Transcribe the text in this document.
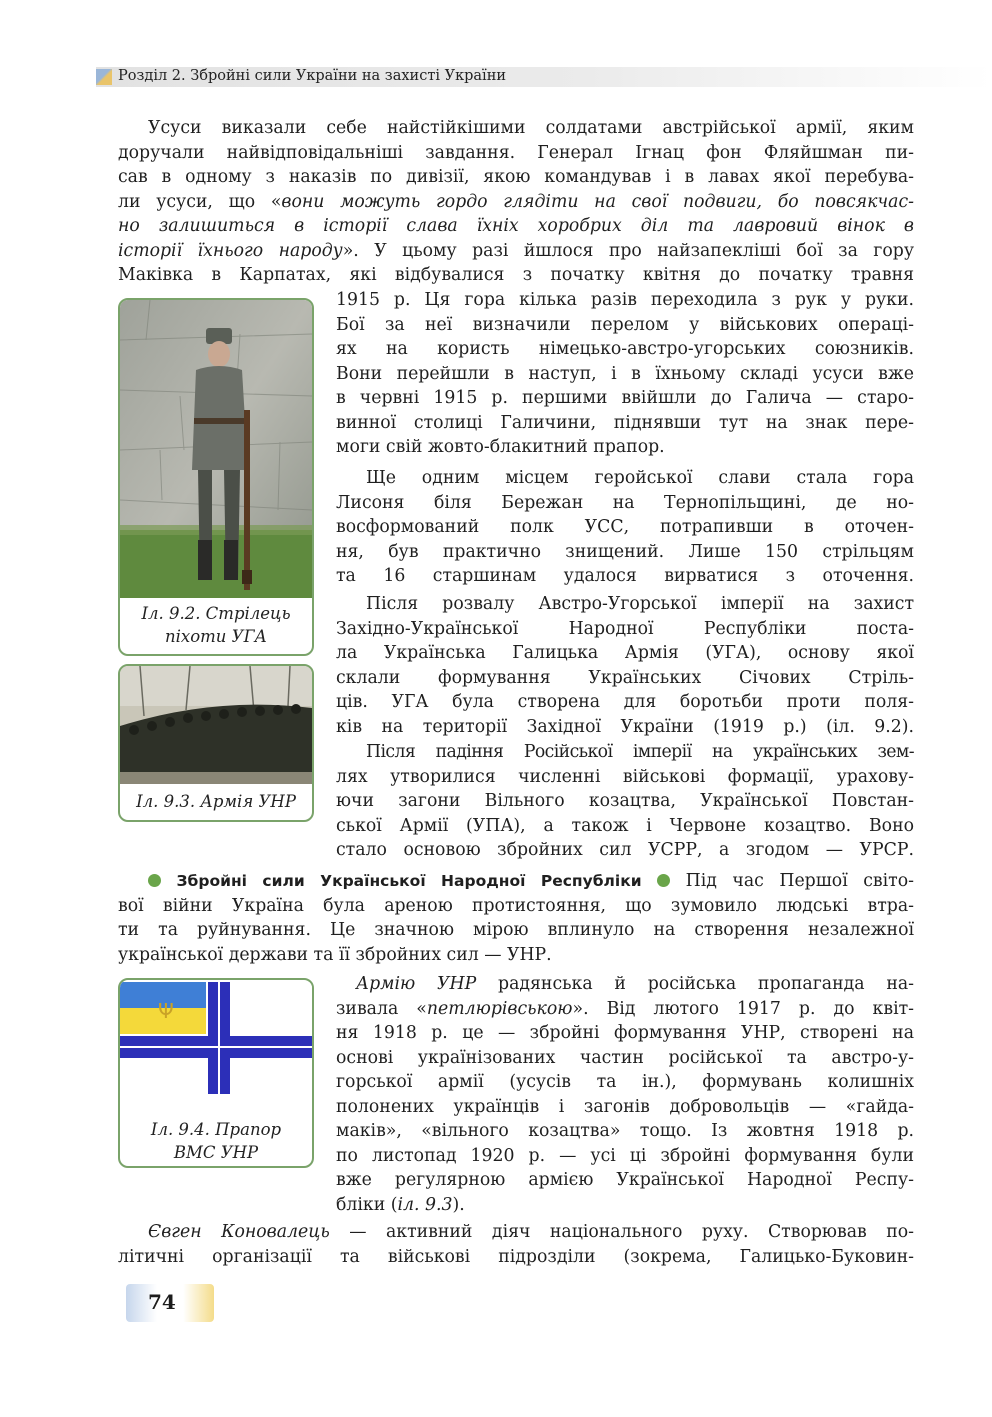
Розділ 2. Збройні сили України на захисті України
Усуси виказали себе найстійкішими солдатами австрійської армії, яким
доручали найвідповідальніші завдання. Генерал Ігнац фон Фляйшман пи-
сав в одному з наказів по дивізії, якою командував і в лавах якої перебува-
ли усуси, що «вони можуть гордо глядіти на свої подвиги, бо повсякчас-
но залишиться в історії слава їхніх хоробрих діл та лавровий вінок в
історії їхнього народу». У цьому разі йшлося про найзапекліші бої за гору
Маківка в Карпатах, які відбувалися з початку квітня до початку травня
Іл. 9.2. Стрілець
піхоти УГА
1915 р. Ця гора кілька разів переходила з рук у руки.
Бої за неї визначили перелом у військових операці-
ях на користь німецько-австро-угорських союзників.
Вони перейшли в наступ, і в їхньому складі усуси вже
в червні 1915 р. першими ввійшли до Галича — старо-
винної столиці Галичини, піднявши тут на знак пере-
моги свій жовто-блакитний прапор.
Ще одним місцем геройської слави стала гора
Лисоня біля Бережан на Тернопільщині, де но-
восформований полк УСС, потрапивши в оточен-
ня, був практично знищений. Лише 150 стрільцям
та 16 старшинам удалося вирватися з оточення.
Після розвалу Австро-Угорської імперії на захист
Західно-Української Народної Республіки поста-
ла Українська Галицька Армія (УГА), основу якої
склали формування Українських Січових Стріль-
ців. УГА була створена для боротьби проти поля-
ків на території Західної України (1919 р.) (іл. 9.2).
Іл. 9.3. Армія УНР
Після падіння Російської імперії на українських зем-
лях утворилися численні військові формації, урахову-
ючи загони Вільного козацтва, Української Повстан-
ської Армії (УПА), а також і Червоне козацтво. Воно
стало основою збройних сил УСРР, а згодом — УРСР.
Збройні сили Української Народної Республіки	Під час Першої світо-
вої війни Україна була ареною протистояння, що зумовило людські втра-
ти та руйнування. Це значною мірою вплинуло на створення незалежної
української держави та її збройних сил — УНР.
Ψ
Іл. 9.4. Прапор
ВМС УНР
Армію УНР радянська й російська пропаганда на-
зивала «петлюрівською». Від лютого 1917 р. до квіт-
ня 1918 р. це — збройні формування УНР, створені на
основі українізованих частин російської та австро-у-
горської армії (усусів та ін.), формувань колишніх
полонених українців і загонів добровольців — «гайда-
маків», «вільного козацтва» тощо. Із жовтня 1918 р.
по листопад 1920 р. — усі ці збройні формування були
вже регулярною армією Української Народної Респу-
бліки (іл. 9.3).
Євген Коновалець — активний діяч національного руху. Створював по-
літичні організації та військові підрозділи (зокрема, Галицько-Буковин-
74
